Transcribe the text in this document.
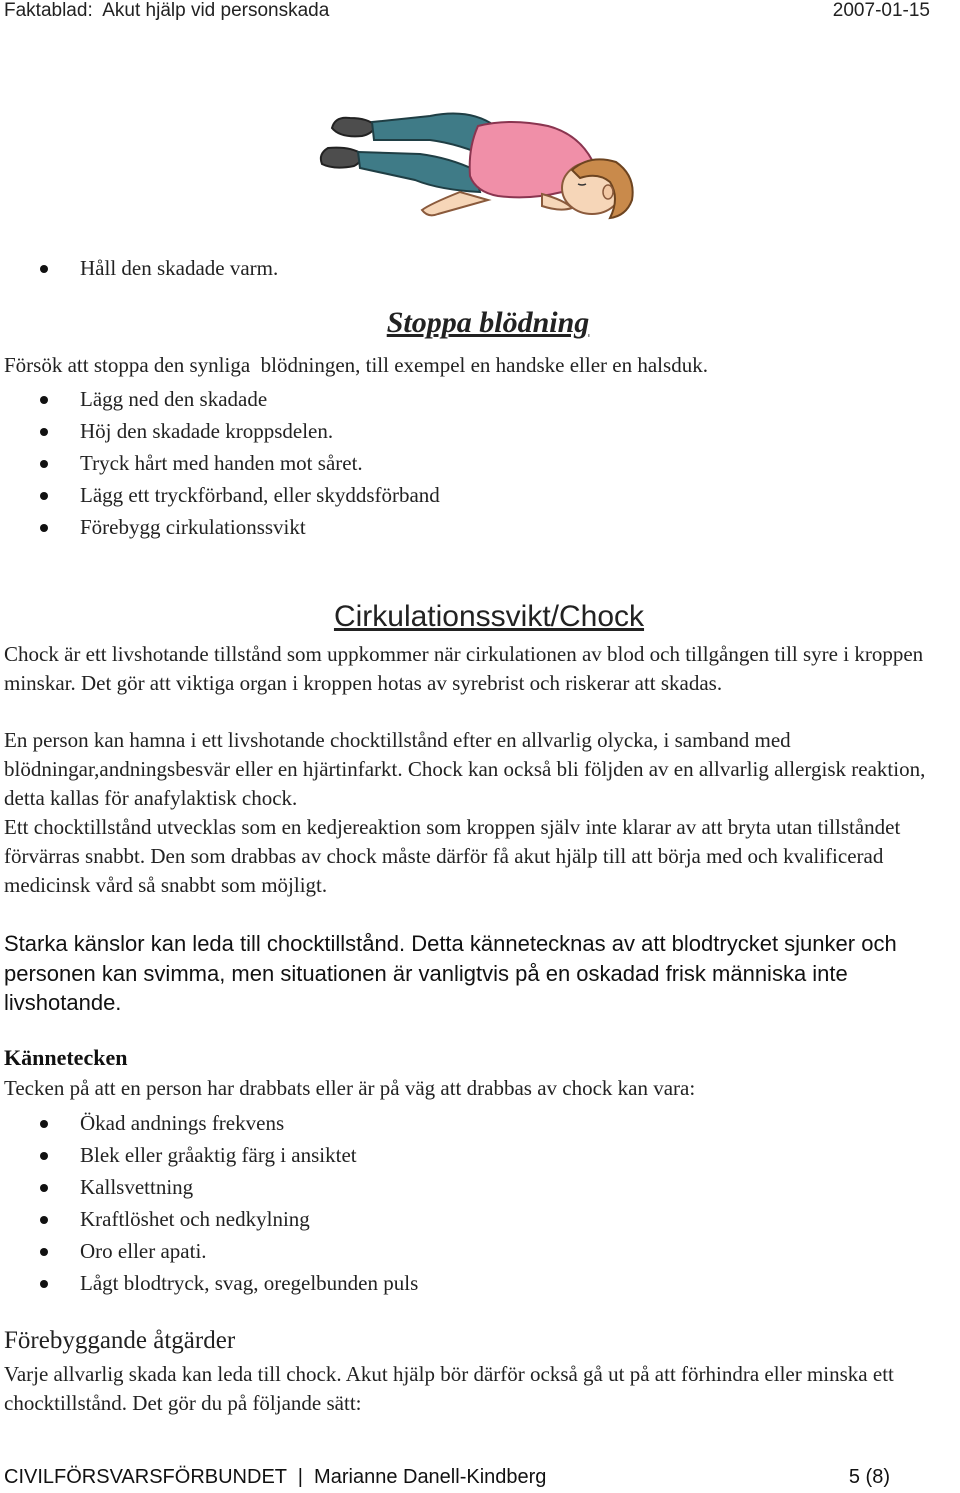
Faktablad:  Akut hjälp vid personskada	2007-01-15
Håll den skadade varm.
Stoppa blödning
Försök att stoppa den synliga  blödningen, till exempel en handske eller en halsduk.
Lägg ned den skadade
Höj den skadade kroppsdelen.
Tryck hårt med handen mot såret.
Lägg ett tryckförband, eller skyddsförband
Förebygg cirkulationssvikt
Cirkulationssvikt/Chock
Chock är ett livshotande tillstånd som uppkommer när cirkulationen av blod och tillgången till syre i kroppen minskar. Det gör att viktiga organ i kroppen hotas av syrebrist och riskerar att skadas.
En person kan hamna i ett livshotande chocktillstånd efter en allvarlig olycka, i samband med blödningar,andningsbesvär eller en hjärtinfarkt. Chock kan också bli följden av en allvarlig allergisk reaktion, detta kallas för anafylaktisk chock.
Ett chocktillstånd utvecklas som en kedjereaktion som kroppen själv inte klarar av att bryta utan tillståndet förvärras snabbt. Den som drabbas av chock måste därför få akut hjälp till att börja med och kvalificerad medicinsk vård så snabbt som möjligt.
Starka känslor kan leda till chocktillstånd. Detta kännetecknas av att blodtrycket sjunker och personen kan svimma, men situationen är vanligtvis på en oskadad frisk människa inte livshotande.
Kännetecken
Tecken på att en person har drabbats eller är på väg att drabbas av chock kan vara:
Ökad andnings frekvens
Blek eller gråaktig färg i ansiktet
Kallsvettning
Kraftlöshet och nedkylning
Oro eller apati.
Lågt blodtryck, svag, oregelbunden puls
Förebyggande åtgärder
Varje allvarlig skada kan leda till chock. Akut hjälp bör därför också gå ut på att förhindra eller minska ett chocktillstånd. Det gör du på följande sätt:
CIVILFÖRSVARSFÖRBUNDET  |  Marianne Danell-Kindberg	5 (8)
